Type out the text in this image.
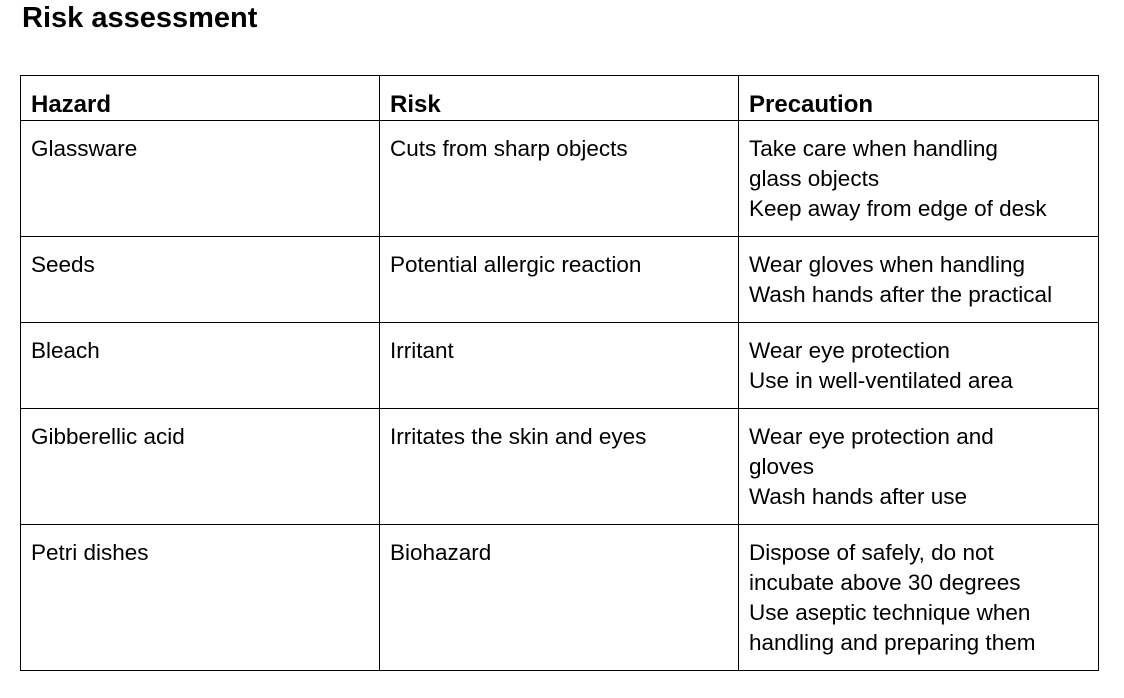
Risk assessment
Hazard	Risk	Precaution
Glassware	Cuts from sharp objects	Take care when handling
glass objects
Keep away from edge of desk

Seeds	Potential allergic reaction	Wear gloves when handling
Wash hands after the practical

Bleach	Irritant	Wear eye protection
Use in well-ventilated area

Gibberellic acid	Irritates the skin and eyes	Wear eye protection and
gloves
Wash hands after use

Petri dishes	Biohazard	Dispose of safely, do not
incubate above 30 degrees
Use aseptic technique when
handling and preparing them
